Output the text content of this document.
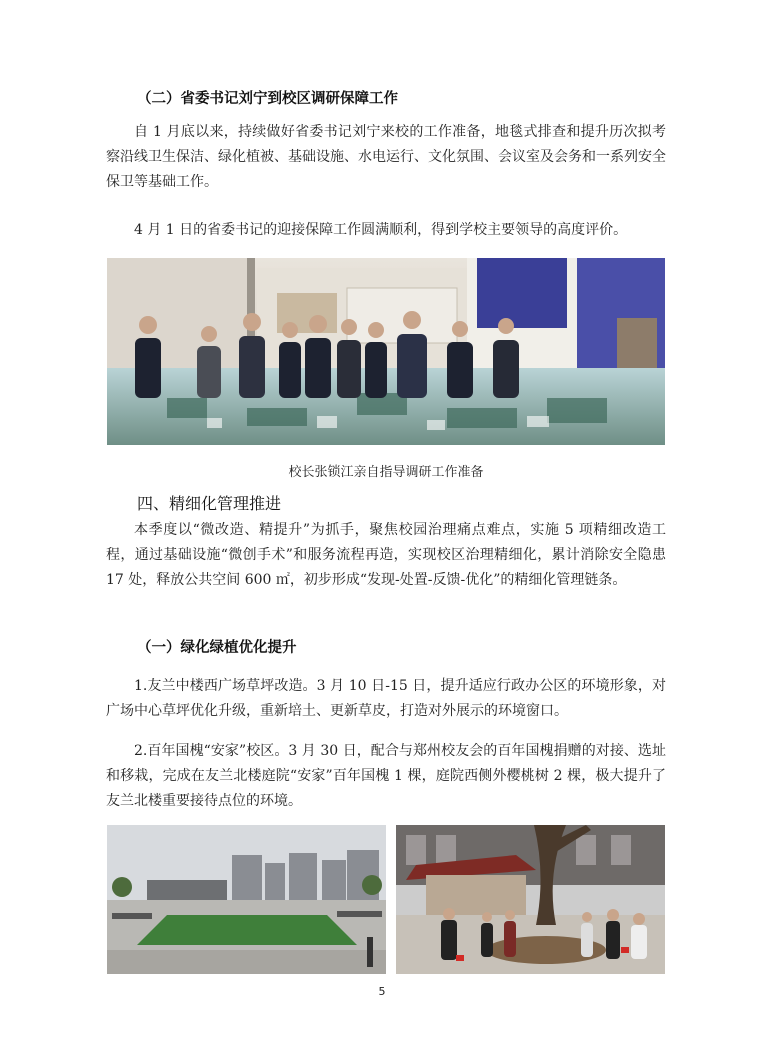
（二）省委书记刘宁到校区调研保障工作

自 1 月底以来，持续做好省委书记刘宁来校的工作准备，地毯式排查和提升历次拟考察沿线卫生保洁、绿化植被、基础设施、水电运行、文化氛围、会议室及会务和一系列安全保卫等基础工作。

4 月 1 日的省委书记的迎接保障工作圆满顺利，得到学校主要领导的高度评价。

校长张锁江亲自指导调研工作准备
四、精细化管理推进

本季度以“微改造、精提升”为抓手，聚焦校园治理痛点难点，实施 5 项精细改造工程，通过基础设施“微创手术”和服务流程再造，实现校区治理精细化，累计消除安全隐患 17 处，释放公共空间 600 ㎡，初步形成“发现-处置-反馈-优化”的精细化管理链条。

（一）绿化绿植优化提升

1.友兰中楼西广场草坪改造。3 月 10 日-15 日，提升适应行政办公区的环境形象，对广场中心草坪优化升级，重新培土、更新草皮，打造对外展示的环境窗口。

2.百年国槐“安家”校区。3 月 30 日，配合与郑州校友会的百年国槐捐赠的对接、选址和移栽，完成在友兰北楼庭院“安家”百年国槐 1 棵，庭院西侧外樱桃树 2 棵，极大提升了友兰北楼重要接待点位的环境。

5
